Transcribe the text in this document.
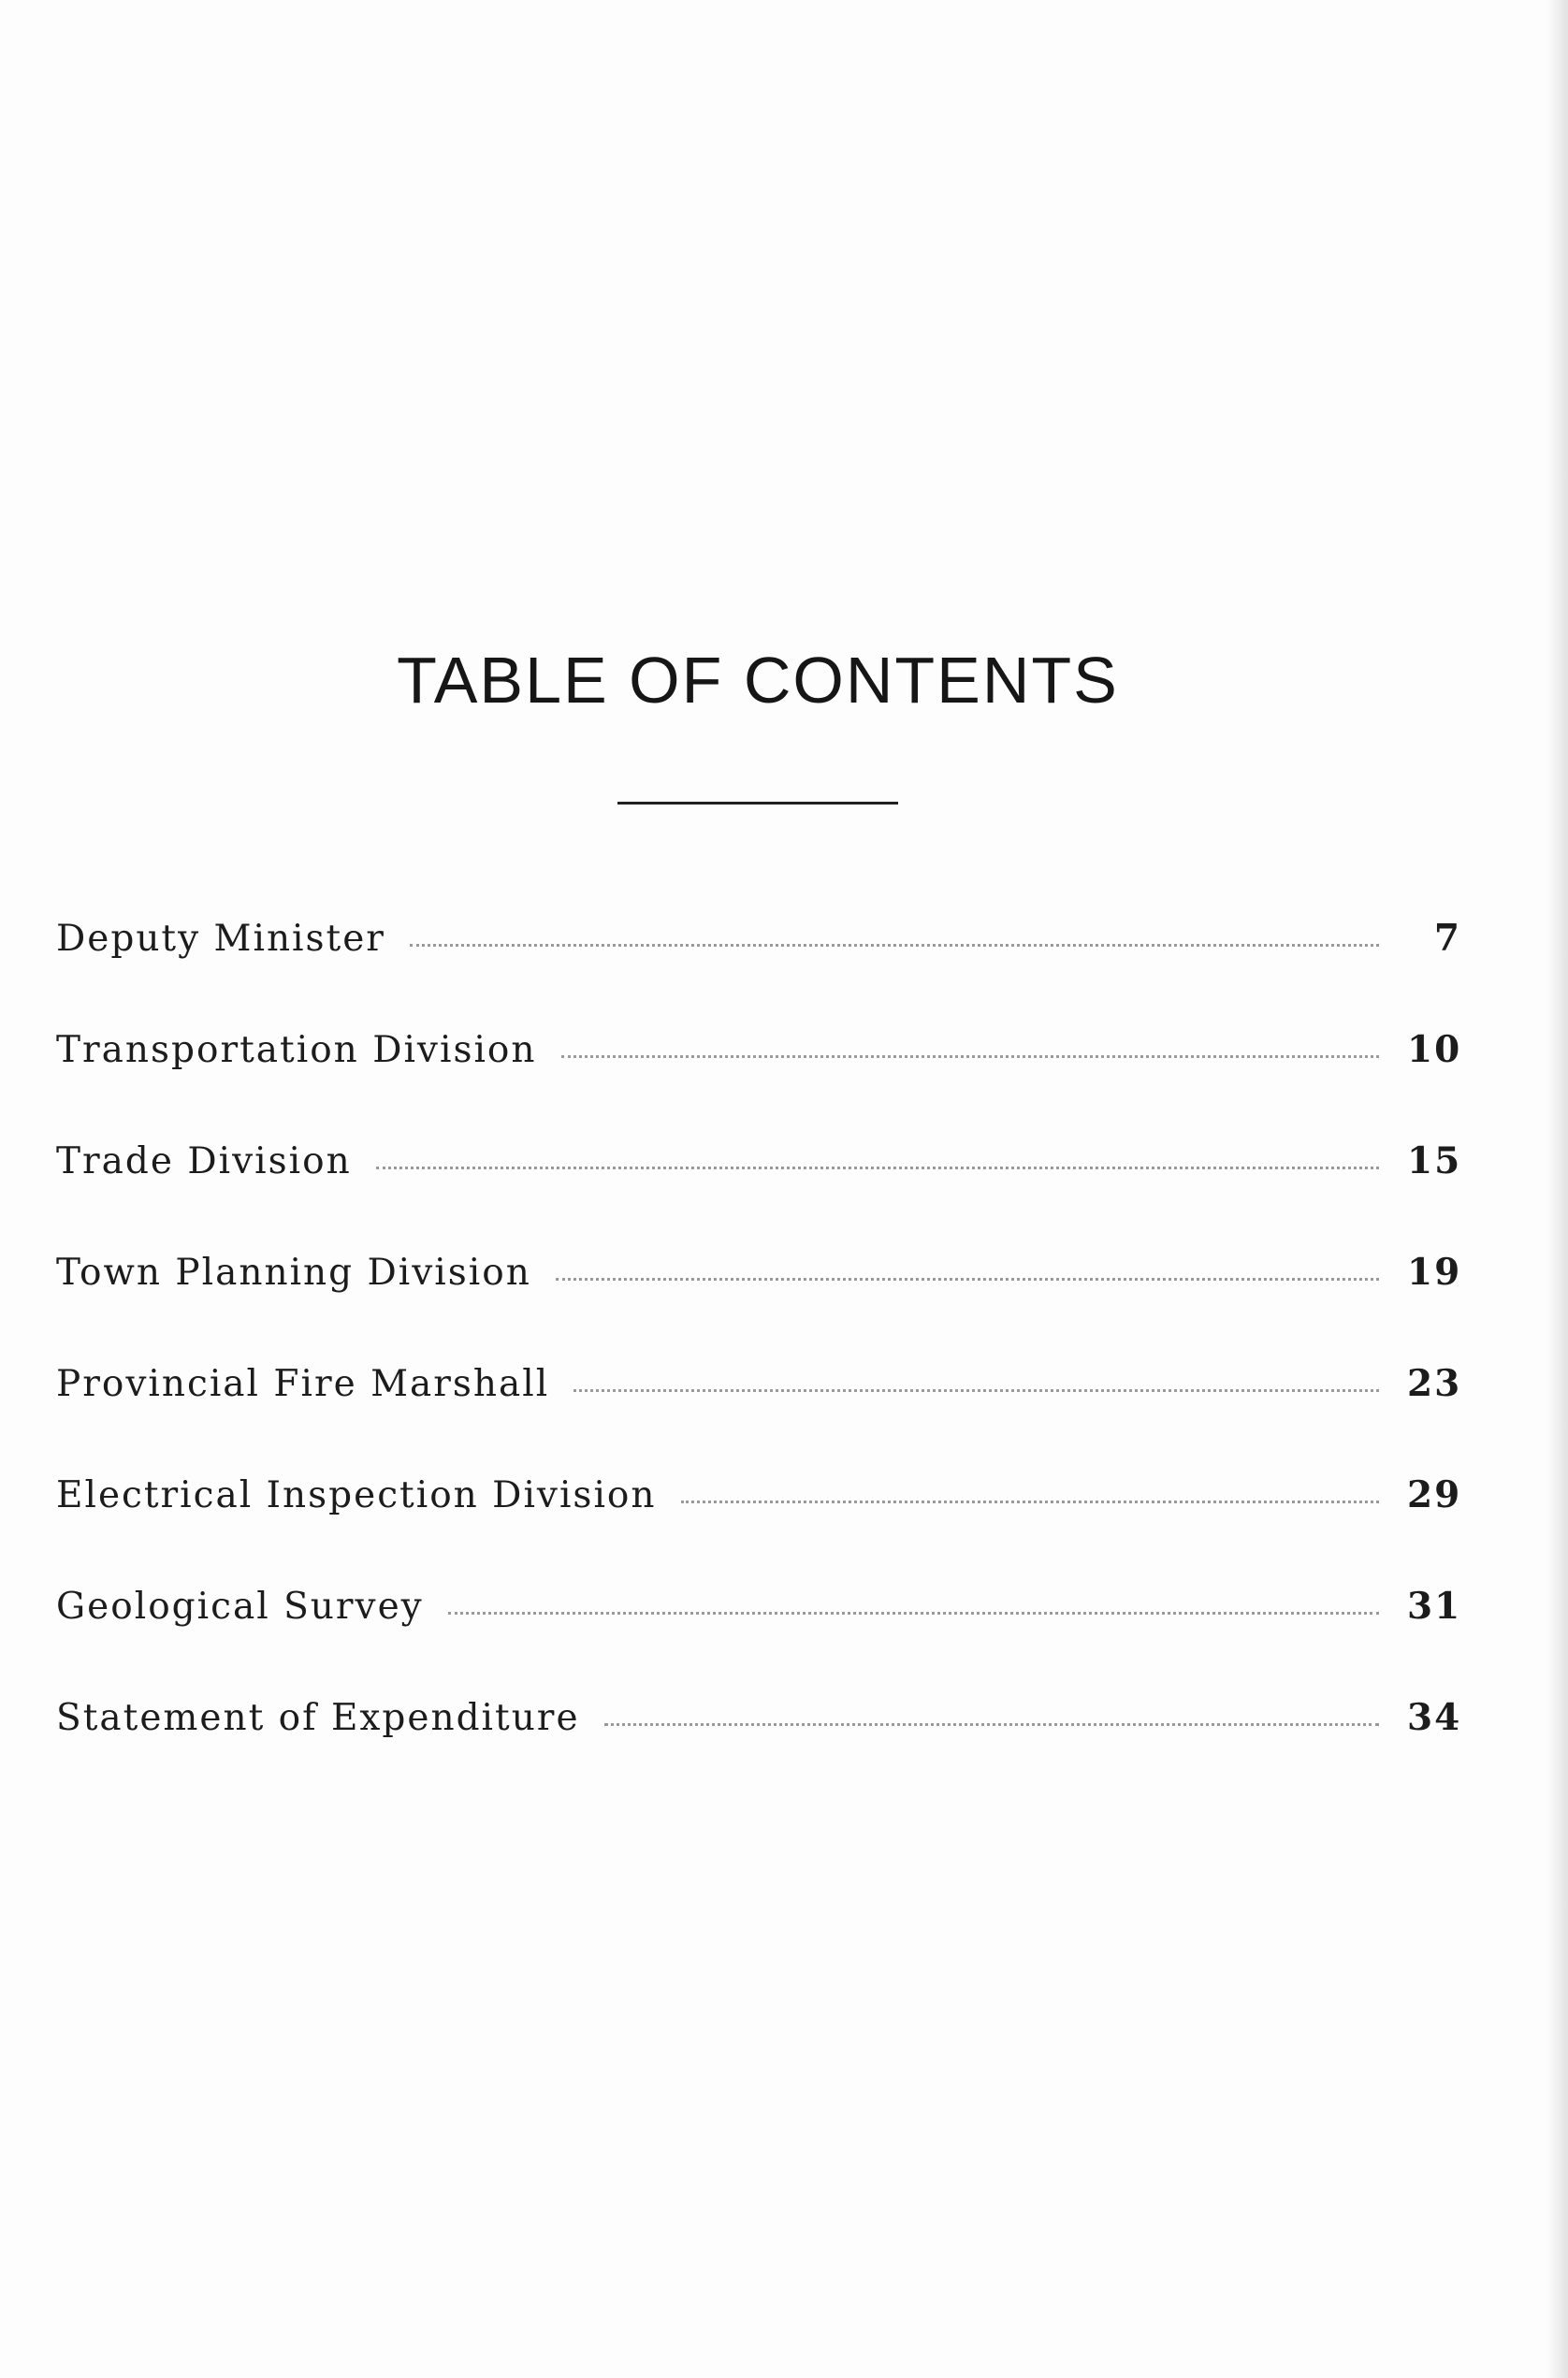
TABLE OF CONTENTS
Deputy Minister	7
Transportation Division	10
Trade Division	15
Town Planning Division	19
Provincial Fire Marshall	23
Electrical Inspection Division	29
Geological Survey	31
Statement of Expenditure	34
